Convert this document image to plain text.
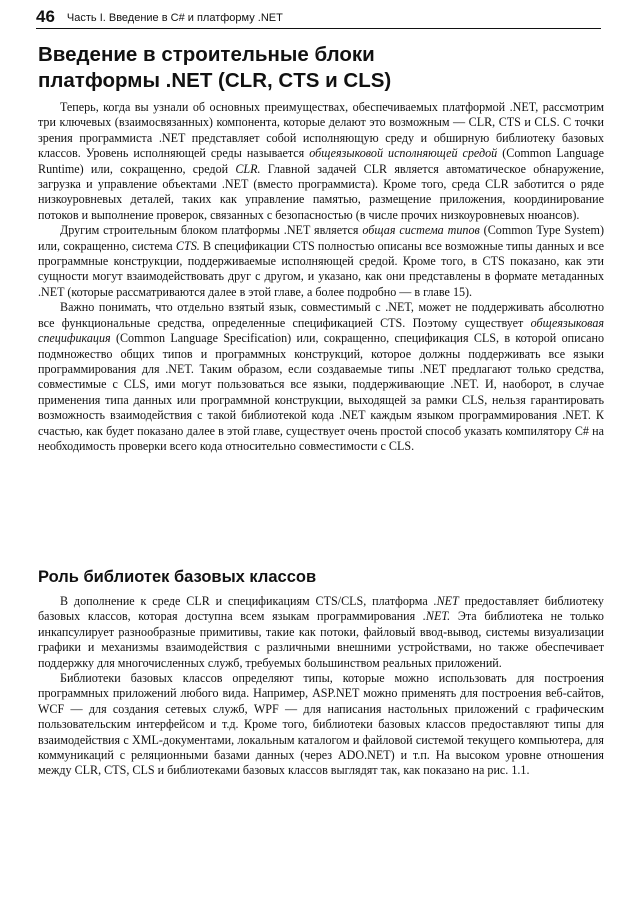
46 Часть I. Введение в C# и платформу .NET
Введение в строительные блоки
платформы .NET (CLR, CTS и CLS)

Теперь, когда вы узнали об основных преимуществах, обеспечиваемых платформой .NET, рассмотрим три ключевых (взаимосвязанных) компонента, которые делают это возможным — CLR, CTS и CLS. С точки зрения программиста .NET представляет собой исполняющую среду и обширную библиотеку базовых классов. Уровень исполняющей среды называется общеязыковой исполняющей средой (Common Language Runtime) или, сокращенно, средой CLR. Главной задачей CLR является автоматическое обнаружение, загрузка и управление объектами .NET (вместо программиста). Кроме того, среда CLR заботится о ряде низкоуровневых деталей, таких как управление памятью, размещение приложения, координирование потоков и выполнение проверок, связанных с безопасностью (в числе прочих низкоуровневых нюансов).

Другим строительным блоком платформы .NET является общая система типов (Common Type System) или, сокращенно, система CTS. В спецификации CTS полностью описаны все возможные типы данных и все программные конструкции, поддерживаемые исполняющей средой. Кроме того, в CTS показано, как эти сущности могут взаимодействовать друг с другом, и указано, как они представлены в формате метаданных .NET (которые рассматриваются далее в этой главе, а более подробно — в главе 15).

Важно понимать, что отдельно взятый язык, совместимый с .NET, может не поддерживать абсолютно все функциональные средства, определенные спецификацией CTS. Поэтому существует общеязыковая спецификация (Common Language Specification) или, сокращенно, спецификация CLS, в которой описано подмножество общих типов и программных конструкций, которое должны поддерживать все языки программирования для .NET. Таким образом, если создаваемые типы .NET предлагают только средства, совместимые с CLS, ими могут пользоваться все языки, поддерживающие .NET. И, наоборот, в случае применения типа данных или программной конструкции, выходящей за рамки CLS, нельзя гарантировать возможность взаимодействия с такой библиотекой кода .NET каждым языком программирования .NET. К счастью, как будет показано далее в этой главе, существует очень простой способ указать компилятору C# на необходимость проверки всего кода относительно совместимости с CLS.

Роль библиотек базовых классов

В дополнение к среде CLR и спецификациям CTS/CLS, платформа .NET предоставляет библиотеку базовых классов, которая доступна всем языкам программирования .NET. Эта библиотека не только инкапсулирует разнообразные примитивы, такие как потоки, файловый ввод-вывод, системы визуализации графики и механизмы взаимодействия с различными внешними устройствами, но также обеспечивает поддержку для многочисленных служб, требуемых большинством реальных приложений.

Библиотеки базовых классов определяют типы, которые можно использовать для построения программных приложений любого вида. Например, ASP.NET можно применять для построения веб-сайтов, WCF — для создания сетевых служб, WPF — для написания настольных приложений с графическим пользовательским интерфейсом и т.д. Кроме того, библиотеки базовых классов предоставляют типы для взаимодействия с XML-документами, локальным каталогом и файловой системой текущего компьютера, для коммуникаций с реляционными базами данных (через ADO.NET) и т.п. На высоком уровне отношения между CLR, CTS, CLS и библиотеками базовых классов выглядят так, как показано на рис. 1.1.
